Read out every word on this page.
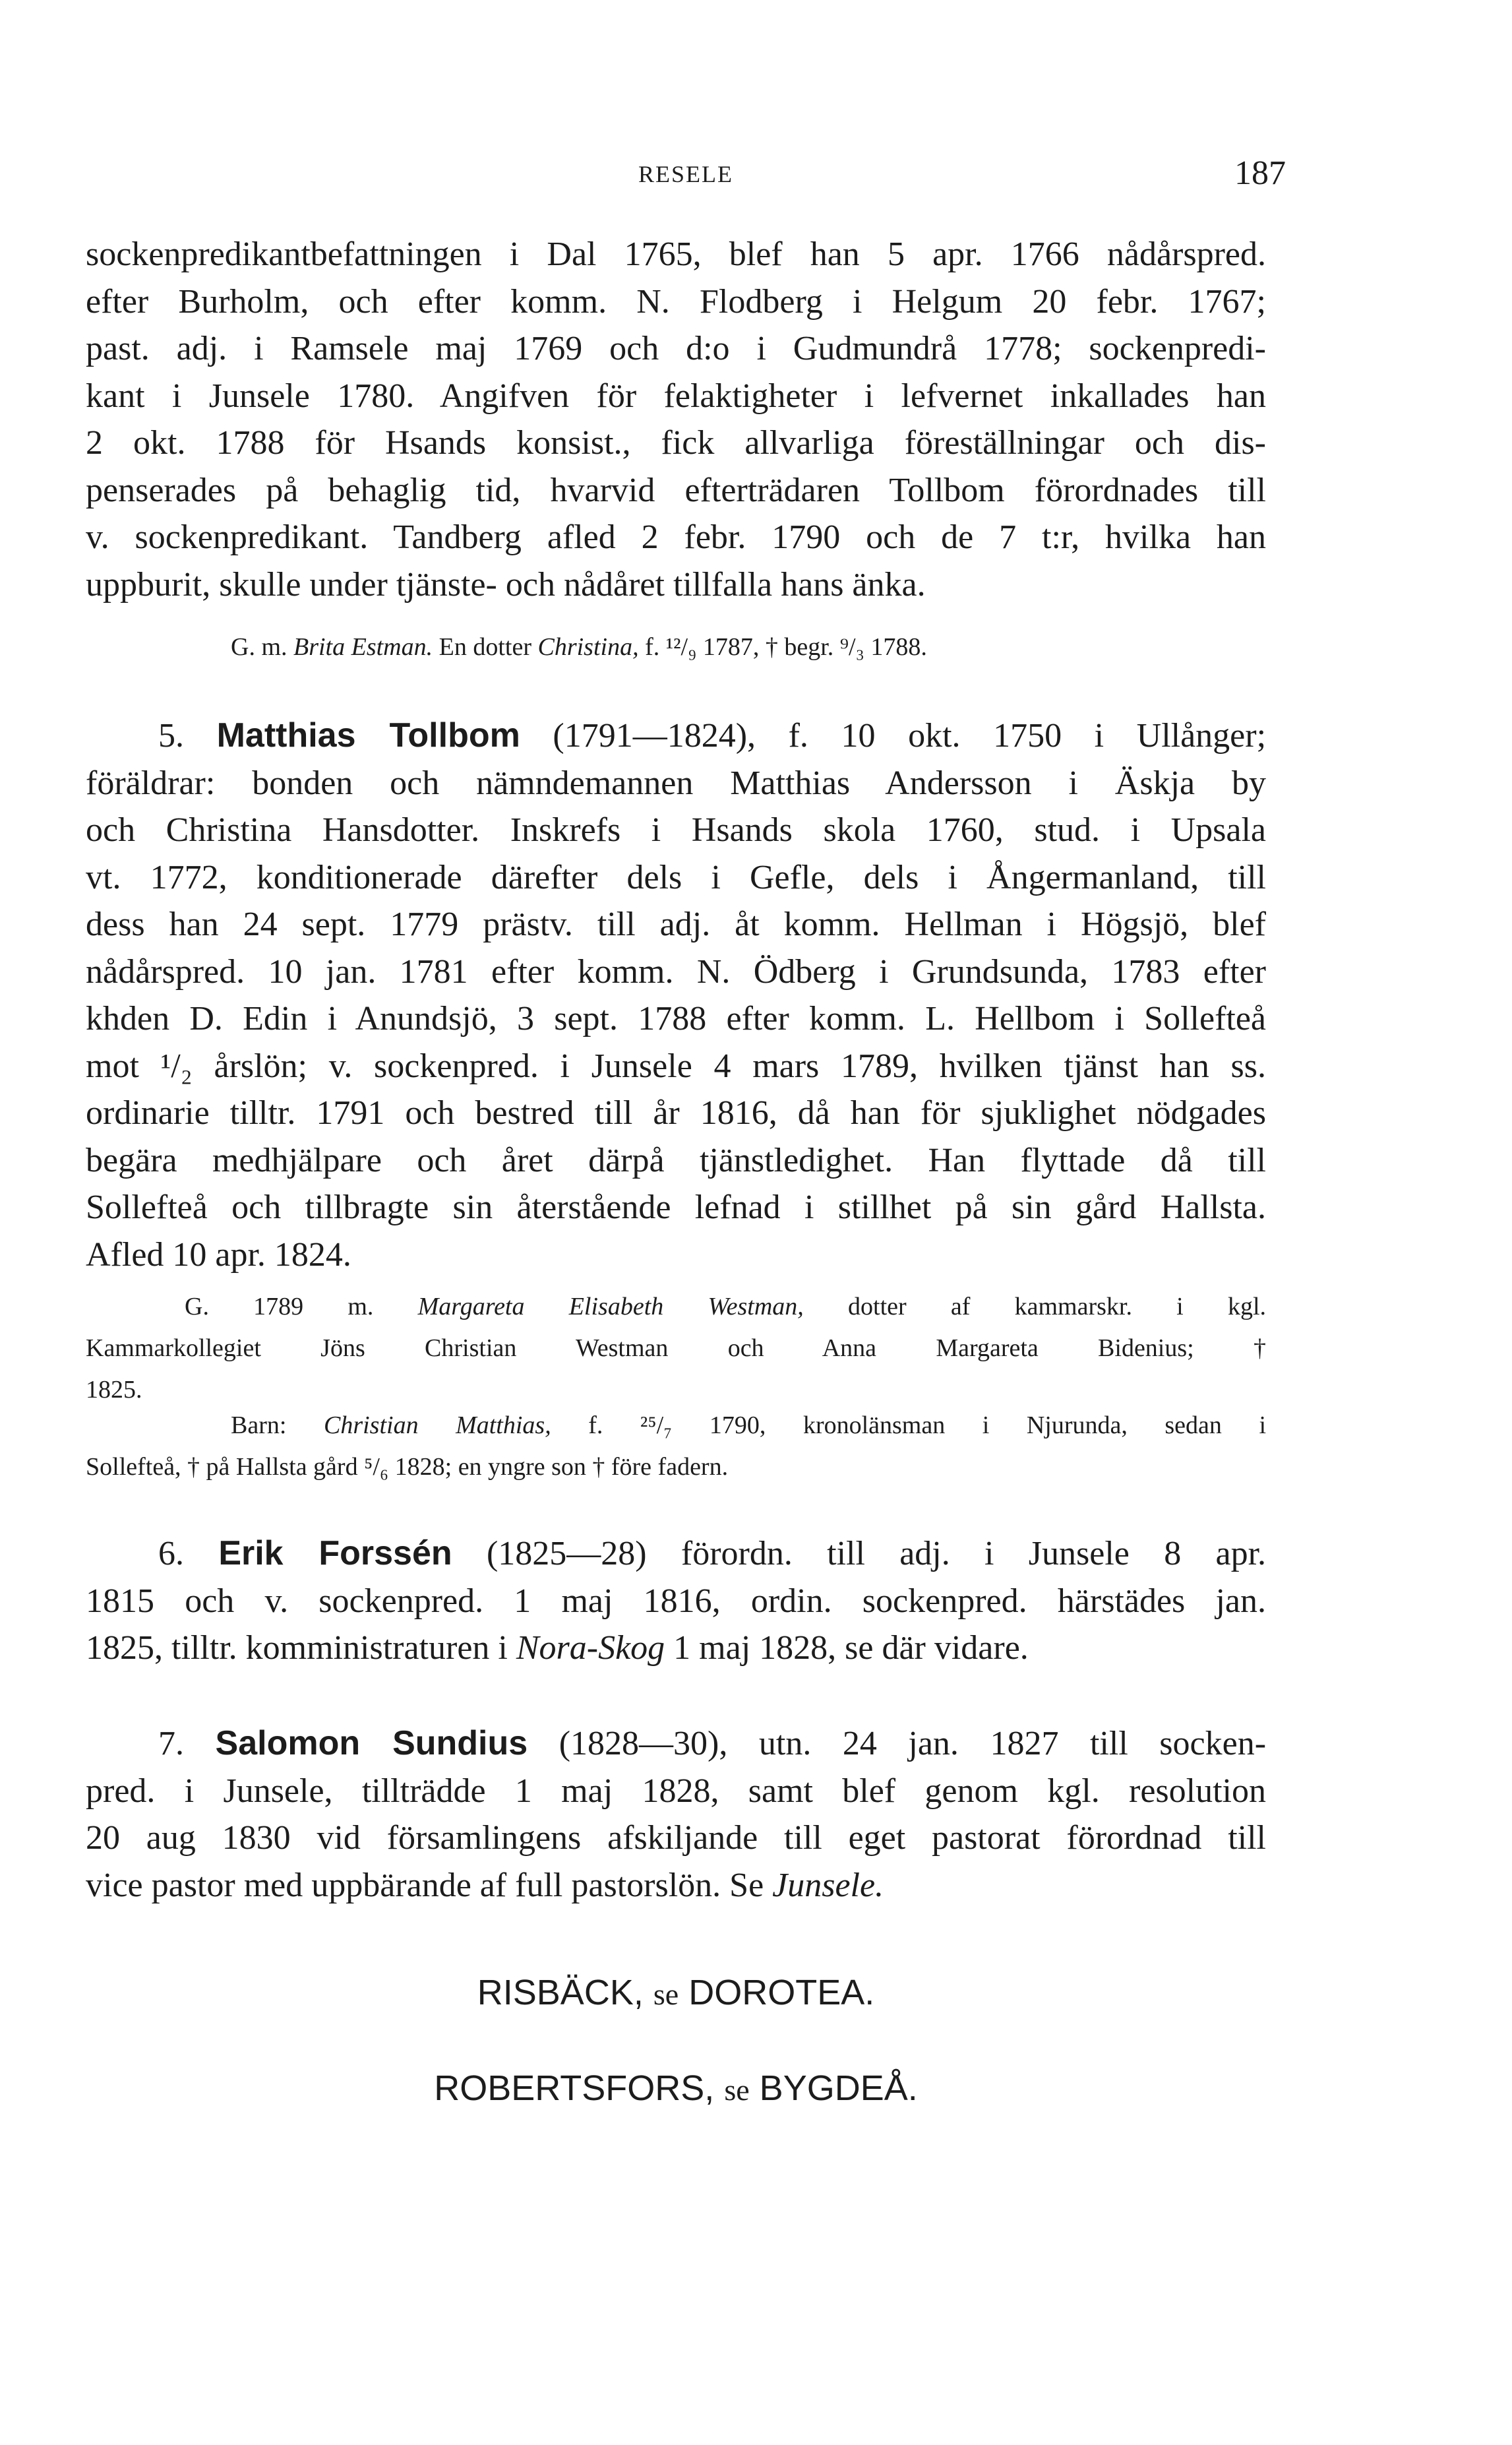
RESELE	187
sockenpredikantbefattningen i Dal 1765, blef han 5 apr. 1766 nådårspred.
efter Burholm, och efter komm. N. Flodberg i Helgum 20 febr. 1767;
past. adj. i Ramsele maj 1769 och d:o i Gudmundrå 1778; sockenpredi-
kant i Junsele 1780. Angifven för felaktigheter i lefvernet inkallades han
2 okt. 1788 för Hsands konsist., fick allvarliga föreställningar och dis-
penserades på behaglig tid, hvarvid efterträdaren Tollbom förordnades till
v. sockenpredikant. Tandberg afled 2 febr. 1790 och de 7 t:r, hvilka han
uppburit, skulle under tjänste- och nådåret tillfalla hans änka.
G. m. Brita Estman. En dotter Christina, f. ¹²/₉ 1787, † begr. ⁹/₃ 1788.
5. Matthias Tollbom (1791—1824), f. 10 okt. 1750 i Ullånger;
föräldrar: bonden och nämndemannen Matthias Andersson i Äskja by
och Christina Hansdotter. Inskrefs i Hsands skola 1760, stud. i Upsala
vt. 1772, konditionerade därefter dels i Gefle, dels i Ångermanland, till
dess han 24 sept. 1779 prästv. till adj. åt komm. Hellman i Högsjö, blef
nådårspred. 10 jan. 1781 efter komm. N. Ödberg i Grundsunda, 1783 efter
khden D. Edin i Anundsjö, 3 sept. 1788 efter komm. L. Hellbom i Sollefteå
mot ¹/₂ årslön; v. sockenpred. i Junsele 4 mars 1789, hvilken tjänst han ss.
ordinarie tilltr. 1791 och bestred till år 1816, då han för sjuklighet nödgades
begära medhjälpare och året därpå tjänstledighet. Han flyttade då till
Sollefteå och tillbragte sin återstående lefnad i stillhet på sin gård Hallsta.
Afled 10 apr. 1824.
G. 1789 m. Margareta Elisabeth Westman, dotter af kammarskr. i kgl.
Kammarkollegiet Jöns Christian Westman och Anna Margareta Bidenius; †
1825.
Barn: Christian Matthias, f. ²⁵/₇ 1790, kronolänsman i Njurunda, sedan i
Sollefteå, † på Hallsta gård ⁵/₆ 1828; en yngre son † före fadern.
6. Erik Forssén (1825—28) förordn. till adj. i Junsele 8 apr.
1815 och v. sockenpred. 1 maj 1816, ordin. sockenpred. härstädes jan.
1825, tilltr. komministraturen i Nora-Skog 1 maj 1828, se där vidare.
7. Salomon Sundius (1828—30), utn. 24 jan. 1827 till socken-
pred. i Junsele, tillträdde 1 maj 1828, samt blef genom kgl. resolution
20 aug 1830 vid församlingens afskiljande till eget pastorat förordnad till
vice pastor med uppbärande af full pastorslön. Se Junsele.
RISBÄCK, se DOROTEA.
ROBERTSFORS, se BYGDEÅ.
